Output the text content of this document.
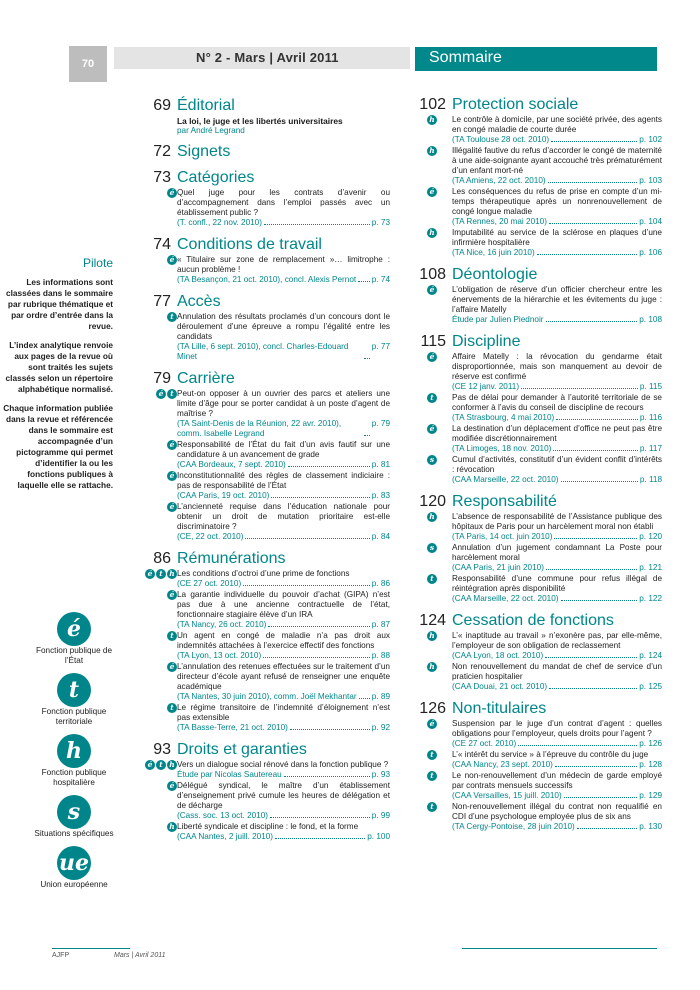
70	N° 2 - Mars | Avril 2011	Sommaire
Pilote
Les informations sont classées dans le sommaire par rubrique thématique et par ordre d’entrée dans la revue.
L’index analytique renvoie aux pages de la revue où sont traités les sujets classés selon un répertoire alphabétique normalisé.
Chaque information publiée dans la revue et référencée dans le sommaire est accompagnée d’un pictogramme qui permet d’identifier la ou les fonctions publiques à laquelle elle se rattache.
é
Fonction publique de l’État
t
Fonction publique territoriale
h
Fonction publique hospitalière
s
Situations spécifiques
ue
Union européenne
69 Éditorial
La loi, le juge et les libertés universitaires
par André Legrand
72 Signets
73 Catégories
é Quel juge pour les contrats d’avenir ou d’accompagnement dans l’emploi passés avec un établissement public ?
(T. confl., 22 nov. 2010)	p. 73
74 Conditions de travail
é « Titulaire sur zone de remplacement »… limitrophe : aucun problème !
(TA Besançon, 21 oct. 2010), concl. Alexis Pernot p. 74
77 Accès
t Annulation des résultats proclamés d’un concours dont le déroulement d’une épreuve a rompu l’égalité entre les candidats
(TA Lille, 6 sept. 2010), concl. Charles-Edouard Minet
p. 77
79 Carrière
é t Peut-on opposer à un ouvrier des parcs et ateliers une limite d’âge pour se porter candidat à un poste d’agent de maîtrise ?
(TA Saint-Denis de la Réunion, 22 avr. 2010), comm. Isabelle Legrand
p. 79
é Responsabilité de l’État du fait d’un avis fautif sur une candidature à un avancement de grade
(CAA Bordeaux, 7 sept. 2010)	p. 81
é Inconstitutionnalité des règles de classement indiciaire : pas de responsabilité de l’État
(CAA Paris, 19 oct. 2010)	p. 83
é L’ancienneté requise dans l’éducation nationale pour obtenir un droit de mutation prioritaire est-elle discriminatoire ?
(CE, 22 oct. 2010)	p. 84
86 Rémunérations
é t h Les conditions d’octroi d’une prime de fonctions
(CE 27 oct. 2010)	p. 86
é La garantie individuelle du pouvoir d’achat (GIPA) n’est pas due à une ancienne contractuelle de l’état, fonctionnaire stagiaire élève d’un IRA
(TA Nancy, 26 oct. 2010)	p. 87
t Un agent en congé de maladie n’a pas droit aux indemnités attachées à l’exercice effectif des fonctions
(TA Lyon, 13 oct. 2010)	p. 88
é L’annulation des retenues effectuées sur le traitement d’un directeur d’école ayant refusé de renseigner une enquête académique
(TA Nantes, 30 juin 2010), comm. Joël Mekhantar p. 89
t Le régime transitoire de l’indemnité d’éloignement n’est pas extensible
(TA Basse-Terre, 21 oct. 2010)	p. 92
93 Droits et garanties
é t h Vers un dialogue social rénové dans la fonction publique ?
Étude par Nicolas Sautereau	p. 93
é Délégué syndical, le maître d’un établissement d’enseignement privé cumule les heures de délégation et de décharge
(Cass. soc. 13 oct. 2010)	p. 99
h Liberté syndicale et discipline : le fond, et la forme
(CAA Nantes, 2 juill. 2010)	p. 100
102 Protection sociale
h Le contrôle à domicile, par une société privée, des agents en congé maladie de courte durée
(TA Toulouse 28 oct. 2010)	p. 102
h Illégalité fautive du refus d’accorder le congé de maternité à une aide-soignante ayant accouché très prématurément d’un enfant mort-né
(TA Amiens, 22 oct. 2010)	p. 103
é	Les conséquences du refus de prise en compte d’un mi-temps thérapeutique après un nonrenouvellement de congé longue maladie
(TA Rennes, 20 mai 2010)	p. 104
h Imputabilité au service de la sclérose en plaques d’une infirmière hospitalière
(TA Nice, 16 juin 2010)	p. 106
108 Déontologie
é	L’obligation de réserve d’un officier chercheur entre les énervements de la hiérarchie et les évitements du juge : l’affaire Matelly
Étude par Julien Piednoir	p. 108
115 Discipline
é	Affaire Matelly : la révocation du gendarme était disproportionnée, mais son manquement au devoir de réserve est confirmé
(CE 12 janv. 2011)	p. 115
t	Pas de délai pour demander à l’autorité territoriale de se conformer à l’avis du conseil de discipline de recours
(TA Strasbourg, 4 mai 2010)	p. 116
é	La destination d’un déplacement d’office ne peut pas être modifiée discrétionnairement
(TA Limoges, 18 nov. 2010)	p. 117
s	Cumul d’activités, constitutif d’un évident conflit d’intérêts : révocation
(CAA Marseille, 22 oct. 2010)	p. 118
120 Responsabilité
h L’absence de responsabilité de l’Assistance publique des hôpitaux de Paris pour un harcèlement moral non établi
(TA Paris, 14 oct. juin 2010)	p. 120
s	Annulation d’un jugement condamnant La Poste pour harcèlement moral
(CAA Paris, 21 juin 2010)	p. 121
t	Responsabilité d’une commune pour refus illégal de réintégration après disponibilité
(CAA Marseille, 22 oct. 2010)	p. 122
124 Cessation de fonctions
h L’« inaptitude au travail » n’exonère pas, par elle-même, l’employeur de son obligation de reclassement
(CAA Lyon, 18 oct. 2010)	p. 124
h Non renouvellement du mandat de chef de service d’un praticien hospitalier
(CAA Douai, 21 oct. 2010)	p. 125
126 Non-titulaires
é	Suspension par le juge d’un contrat d’agent : quelles obligations pour l’employeur, quels droits pour l’agent ?
(CE 27 oct. 2010)	p. 126
t	L’« intérêt du service » à l’épreuve du contrôle du juge
(CAA Nancy, 23 sept. 2010)	p. 128
t	Le non-renouvellement d’un médecin de garde employé par contrats mensuels successifs
(CAA Versailles, 15 juill. 2010)	p. 129
t	Non-renouvellement illégal du contrat non requalifié en CDI d’une psychologue employée plus de six ans
(TA Cergy-Pontoise, 28 juin 2010)	p. 130
AJFP	Mars | Avril 2011
